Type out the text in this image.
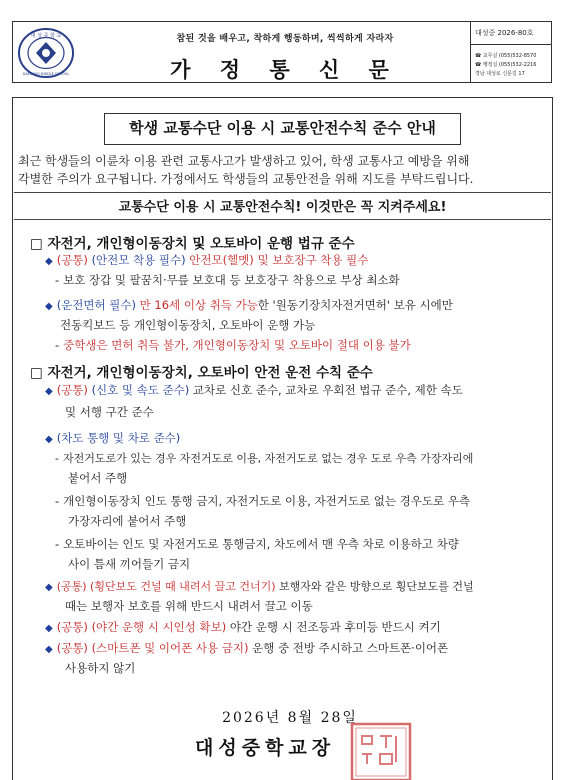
대 성 중 학 교
DAESUNG MIDDLE SCHOOL
참된 것을 배우고, 착하게 행동하며, 씩씩하게 자라자
가 정 통 신 문
대성중 2026-80호
☎ 교무실 (055)532-8570
☎ 행정실 (055)532-2216
경남 대성로 신문길 17
학생 교통수단 이용 시 교통안전수칙 준수 안내
최근 학생들의 이륜차 이용 관련 교통사고가 발생하고 있어, 학생 교통사고 예방을 위해
각별한 주의가 요구됩니다. 가정에서도 학생들의 교통안전을 위해 지도를 부탁드립니다.
교통수단 이용 시 교통안전수칙! 이것만은 꼭 지켜주세요!
□ 자전거, 개인형이동장치 및 오토바이 운행 법규 준수
◆ (공통) (안전모 착용 필수) 안전모(헬멧) 및 보호장구 착용 필수
- 보호 장갑 및 팔꿈치·무릎 보호대 등 보호장구 착용으로 부상 최소화
◆ (운전면허 필수) 만 16세 이상 취득 가능한 '원동기장치자전거면허' 보유 시에만
전동킥보드 등 개인형이동장치, 오토바이 운행 가능
- 중학생은 면허 취득 불가, 개인형이동장치 및 오토바이 절대 이용 불가
□ 자전거, 개인형이동장치, 오토바이 안전 운전 수칙 준수
◆ (공통) (신호 및 속도 준수) 교차로 신호 준수, 교차로 우회전 법규 준수, 제한 속도
및 서행 구간 준수
◆ (차도 통행 및 차로 준수)
- 자전거도로가 있는 경우 자전거도로 이용, 자전거도로 없는 경우 도로 우측 가장자리에
붙어서 주행
- 개인형이동장치 인도 통행 금지, 자전거도로 이용, 자전거도로 없는 경우도로 우측
가장자리에 붙어서 주행
- 오토바이는 인도 및 자전거도로 통행금지, 차도에서 맨 우측 차로 이용하고 차량
사이 틈새 끼어들기 금지
◆ (공통) (횡단보도 건널 때 내려서 끌고 건너기) 보행자와 같은 방향으로 횡단보도를 건널
때는 보행자 보호를 위해 반드시 내려서 끌고 이동
◆ (공통) (야간 운행 시 시인성 확보) 야간 운행 시 전조등과 후미등 반드시 켜기
◆ (공통) (스마트폰 및 이어폰 사용 금지) 운행 중 전방 주시하고 스마트폰·이어폰
사용하지 않기
2026년 8월 28일
대성중학교장
